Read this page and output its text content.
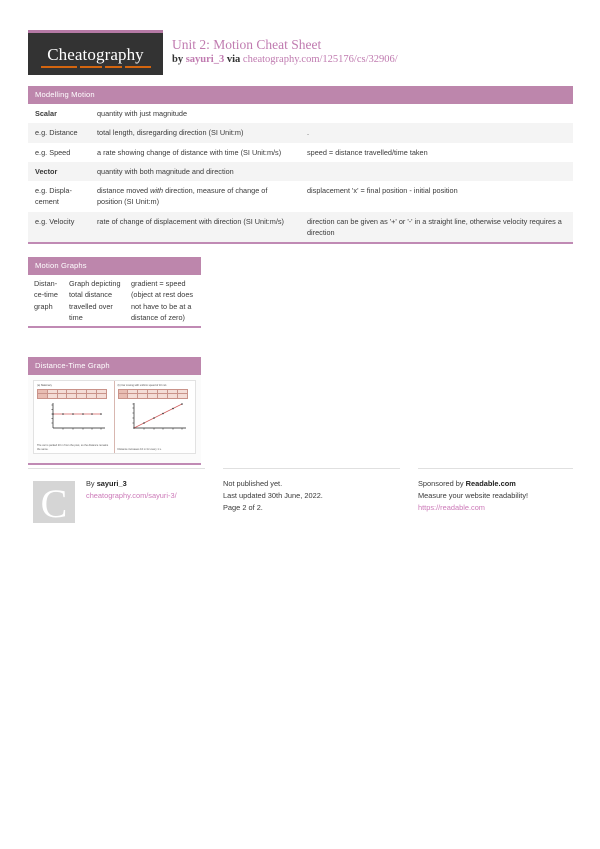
Cheatography
Unit 2: Motion Cheat Sheet
by sayuri_3 via cheatography.com/125176/cs/32906/
Modelling Motion
Scalar	quantity with just magnitude	
e.g. Distance	total length, disregarding direction (SI Unit:m)	.
e.g. Speed	a rate showing change of distance with time (SI Unit:m/s)	speed = distance travelled/time taken
Vector	quantity with both magnitude and direction	
e.g. Displacement	distance moved with direction, measure of change of position (SI Unit:m)	displacement 'x' = final position - initial position
e.g. Velocity	rate of change of displacement with direction (SI Unit:m/s)	direction can be given as '+' or '-' in a straight line, otherwise velocity requires a direction
Motion Graphs
Distance-time graph	Graph depicting total distance travelled over time	gradient = speed (object at rest does not have to be at a distance of zero)
Distance-Time Graph
(a) Stationary

The car is parked 20 m from the post, so the distance remains the same.
(b) Car moving with uniform speed of 10 m/s

Distance increases 10 m for every 1 s.
C	By sayuri_3
cheatography.com/sayuri-3/
Not published yet.
Last updated 30th June, 2022.
Page 2 of 2.
Sponsored by Readable.com
Measure your website readability!
https://readable.com
